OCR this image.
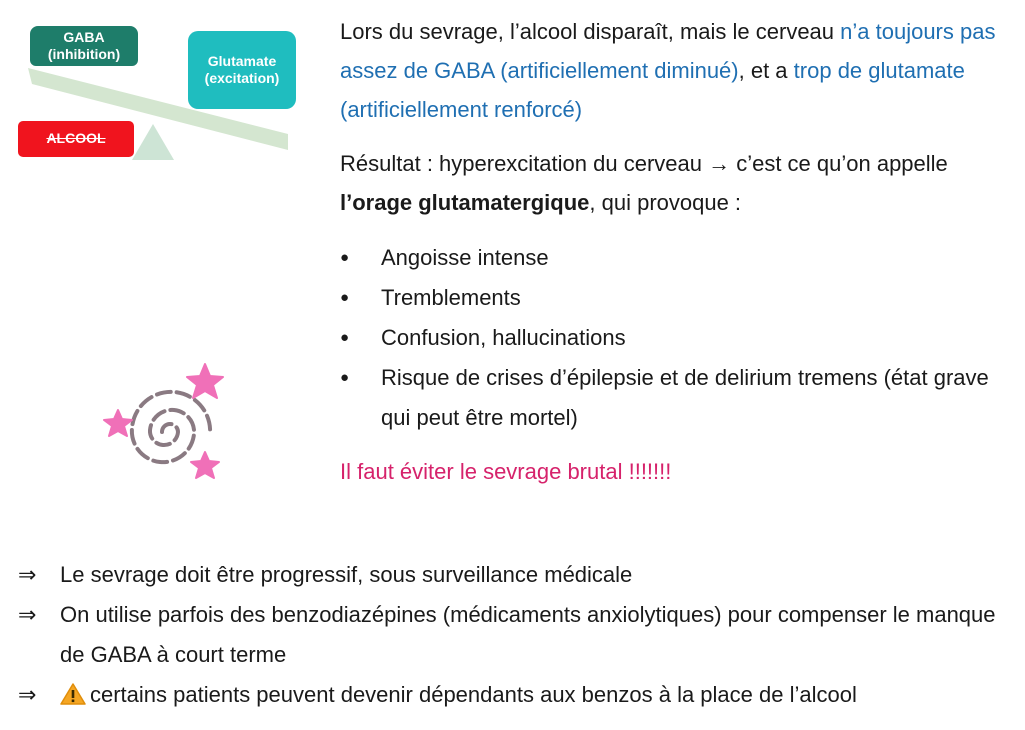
GABA
(inhibition)	Glutamate
(excitation)
ALCOOL

Lors du sevrage, l’alcool disparaît, mais le cerveau n’a toujours pas assez de GABA (artificiellement diminué), et a trop de glutamate (artificiellement renforcé)

Résultat : hyperexcitation du cerveau → c’est ce qu’on appelle l’orage glutamatergique, qui provoque :

● Angoisse intense
● Tremblements
● Confusion, hallucinations
● Risque de crises d’épilepsie et de delirium tremens (état grave qui peut être mortel)

Il faut éviter le sevrage brutal !!!!!!!

⇒ Le sevrage doit être progressif, sous surveillance médicale

⇒ On utilise parfois des benzodiazépines (médicaments anxiolytiques) pour compenser le manque de GABA à court terme

⇒	certains patients peuvent devenir dépendants aux benzos à la place de l’alcool
